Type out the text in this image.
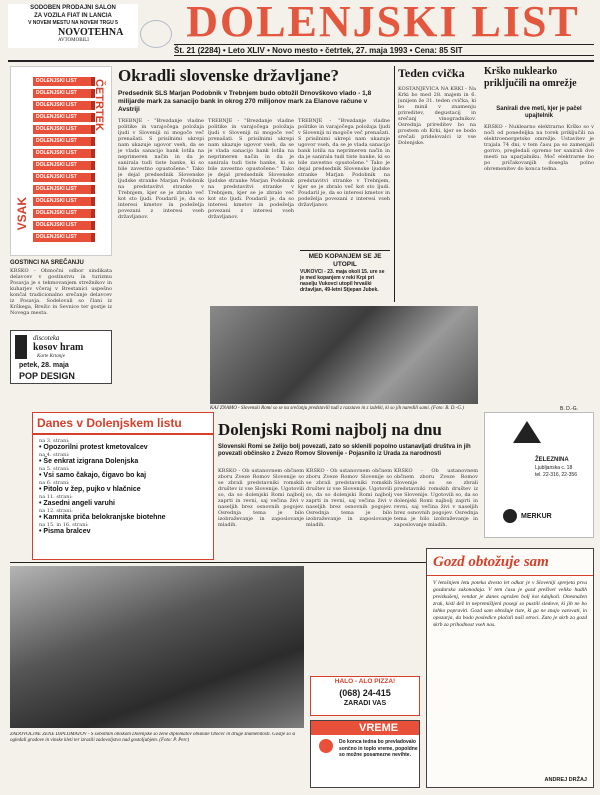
SODOBEN PRODAJNI SALON
ZA VOZILA FIAT IN LANCIA
V NOVEM MESTU NA NOVEM TRGU 5
NOVOTEHNA
AVTOMOBILI	DOLENJSKI LIST
Št. 21 (2284) • Leto XLIV • Novo mesto • četrtek, 27. maja 1993 • Cena: 85 SIT
DOLENJSKI LIST
DOLENJSKI LIST
DOLENJSKI LIST
DOLENJSKI LIST
DOLENJSKI LIST
DOLENJSKI LIST
DOLENJSKI LIST
DOLENJSKI LIST
DOLENJSKI LIST
DOLENJSKI LIST
DOLENJSKI LIST
DOLENJSKI LIST
DOLENJSKI LIST
DOLENJSKI LIST
ČETRTEK
VSAK
GOSTINCI NA SREČANJU
KRŠKO - Območni odbor sindikata delavcev v gostinstvu in turizmu Posavja je s tekmovanjem strežnikov in kuharjev včeraj v Brestanici uspešno končal tradicionalno srečanje delavcev iz Posavja. Sodelovali so člani iz Krškega, Brežic in Sevnice ter gostje iz Novega mesta.
discoteka
kosov hram
Karte Krtanje
petek, 28. maja
POP DESIGN
Danes v Dolenjskem listu
na 3. strani:
• Opozorilni protest kmetovalcev
na 4. strani:
• Še enkrat izigrana Dolenjska
na 5. strani:
• Vsi samo čakajo, čigavo bo kaj
na 6. strani:
• Pitolo v žep, pujko v hlačnice
na 11. strani:
• Zasedni angeli varuhi
na 12. strani:
• Kamnita priča belokranjske biotehne
na 15. in 16. strani:
• Pisma bralcev
Okradli slovenske državljane?
Predsednik SLS Marjan Podobnik v Trebnjem budo obtožil Drnovškovo vlado - 1,8 milijarde mark za sanacijo bank in okrog 270 milijonov mark za Elanove račune v Avstriji
TREBNJE - "Brezdanje vladne politike in varajočega položaja ljudi v Sloveniji ni mogoče več prenašati. S prisilnimi ukrepi nam ukazuje ugovor vseh, da se je vlada sanacijo bank lotila na neprimeren način in da je sanirala tudi tiste banke, ki so bile zavestno opustošene." Tako je dejal predsednik Slovenske ljudske stranke Marjan Podobnik na predstavitvi stranke v Trebnjem, kjer se je zbralo več kot sto ljudi. Poudaril je, da so interesi kmetov in podeželja povezani z interesi vseh državljanov.
TREBNJE - "Brezdanje vladne politike in varajočega položaja ljudi v Sloveniji ni mogoče več prenašati. S prisilnimi ukrepi nam ukazuje ugovor vseh, da se je vlada sanacijo bank lotila na neprimeren način in da je sanirala tudi tiste banke, ki so bile zavestno opustošene." Tako je dejal predsednik Slovenske ljudske stranke Marjan Podobnik na predstavitvi stranke v Trebnjem, kjer se je zbralo več kot sto ljudi. Poudaril je, da so interesi kmetov in podeželja povezani z interesi vseh državljanov.
TREBNJE - "Brezdanje vladne politike in varajočega položaja ljudi v Sloveniji ni mogoče več prenašati. S prisilnimi ukrepi nam ukazuje ugovor vseh, da se je vlada sanacijo bank lotila na neprimeren način in da je sanirala tudi tiste banke, ki so bile zavestno opustošene." Tako je dejal predsednik Slovenske ljudske stranke Marjan Podobnik na predstavitvi stranke v Trebnjem, kjer se je zbralo več kot sto ljudi. Poudaril je, da so interesi kmetov in podeželja povezani z interesi vseh državljanov.
Teden cvička
KOSTANJEVICA NA KRKI - Na Krki bo med 28. majem in 6. junijem že 31. teden cvička, ki bo minil v znamenju prireditev, degustacij in srečanj vinogradnikov. Osrednja prireditev bo na prostem ob Krki, kjer se bodo srečali pridelovalci iz vse Dolenjske.
MED KOPANJEM SE JE UTOPIL
VUKOVCI - 23. maja okoli 15. ure se je med kopanjem v reki Krpi pri naselju Vukovci utopil hrvaški državljan, 49-letni Stjepan Jubek.
Krško nuklearko priključili na omrežje
Sanirali dve meti, kjer je pačel upajtelnik
KRŠKO - Nuklearno elektrarno Krško so v noči od ponedeljka na torek priključili na elektroenergetsko omrežje. Ustavitev je trajala 74 dni, v tem času pa so zamenjali gorivo, pregledali opremo ter sanirali dve mesti na uparjalniku. Moč elektrarne bo po pričakovanjih dosegla polno obremenitev do konca tedna.
B. D.-G.
KAJ ZNAMO - Slovenski Romi so se na srečanju predstavili tudi z razstavo in z izdelki, ki so jih naredili sami. (Foto: B. D.-G.)
Dolenjski Romi najbolj na dnu
Slovenski Romi se želijo bolj povezati, zato so sklenili popolno ustanavljati društva in jih povezati občinsko z Zvezo Romov Slovenije - Pojasnilo iz Urada za narodnosti
KRŠKO - Ob ustanovnem občnem zboru Zveze Romov Slovenije so se zbrali predstavniki romskih društev iz vse Slovenije. Ugotovili so, da so dolenjski Romi najbolj zaprti in revni, saj večina živi v naseljih brez osnovnih pogojev. Osrednja tema je bilo izobraževanje in zaposlovanje mladih.
KRŠKO - Ob ustanovnem občnem zboru Zveze Romov Slovenije so se zbrali predstavniki romskih društev iz vse Slovenije. Ugotovili so, da so dolenjski Romi najbolj zaprti in revni, saj večina živi v naseljih brez osnovnih pogojev. Osrednja tema je bilo izobraževanje in zaposlovanje mladih.
KRŠKO - Ob ustanovnem občnem zboru Zveze Romov Slovenije so se zbrali predstavniki romskih društev iz vse Slovenije. Ugotovili so, da so dolenjski Romi najbolj zaprti in revni, saj večina živi v naseljih brez osnovnih pogojev. Osrednja tema je bilo izobraževanje in zaposlovanje mladih.
ŽELEZNINA
Ljubljanska c. 18
tel. 22-316, 22-356
MERKUR
ZADOVOLJNE ŽENE DIPLOMATOV - S sobotnim obiskom Dolenjske so žene diplomatov obiskale Otočec in druge znamenitosti. Gostje so si ogledali gradove in vinske kleti ter izrazili zadovoljstvo nad gostoljubjem. (Foto: P. Perc)
HALO - ALO PIZZA!
(068) 24-415
ZARADI VAS
VREME
Do konca tedna bo prevladovalo sončno in toplo vreme, popoldne so možne posamezne nevihte.
Gozd obtožuje sam
V letošnjem letu poteka dvesto let odkar je v Sloveniji sprejeta prva gozdarska zakonodaja. V tem času je gozd preživel veliko hudih preizkušenj, vendar je danes ogrožen bolj kot kdajkoli. Onesnažen zrak, kisli dež in nepremišljeni posegi so pustili sledove, ki jih ne bo lahko popraviti. Gozd sam obtožuje tiste, ki ga ne znajo varovati, in opozarja, da bodo posledice plačali naši otroci. Zato je skrb za gozd skrb za prihodnost vseh nas.
ANDREJ DRŽAJ
